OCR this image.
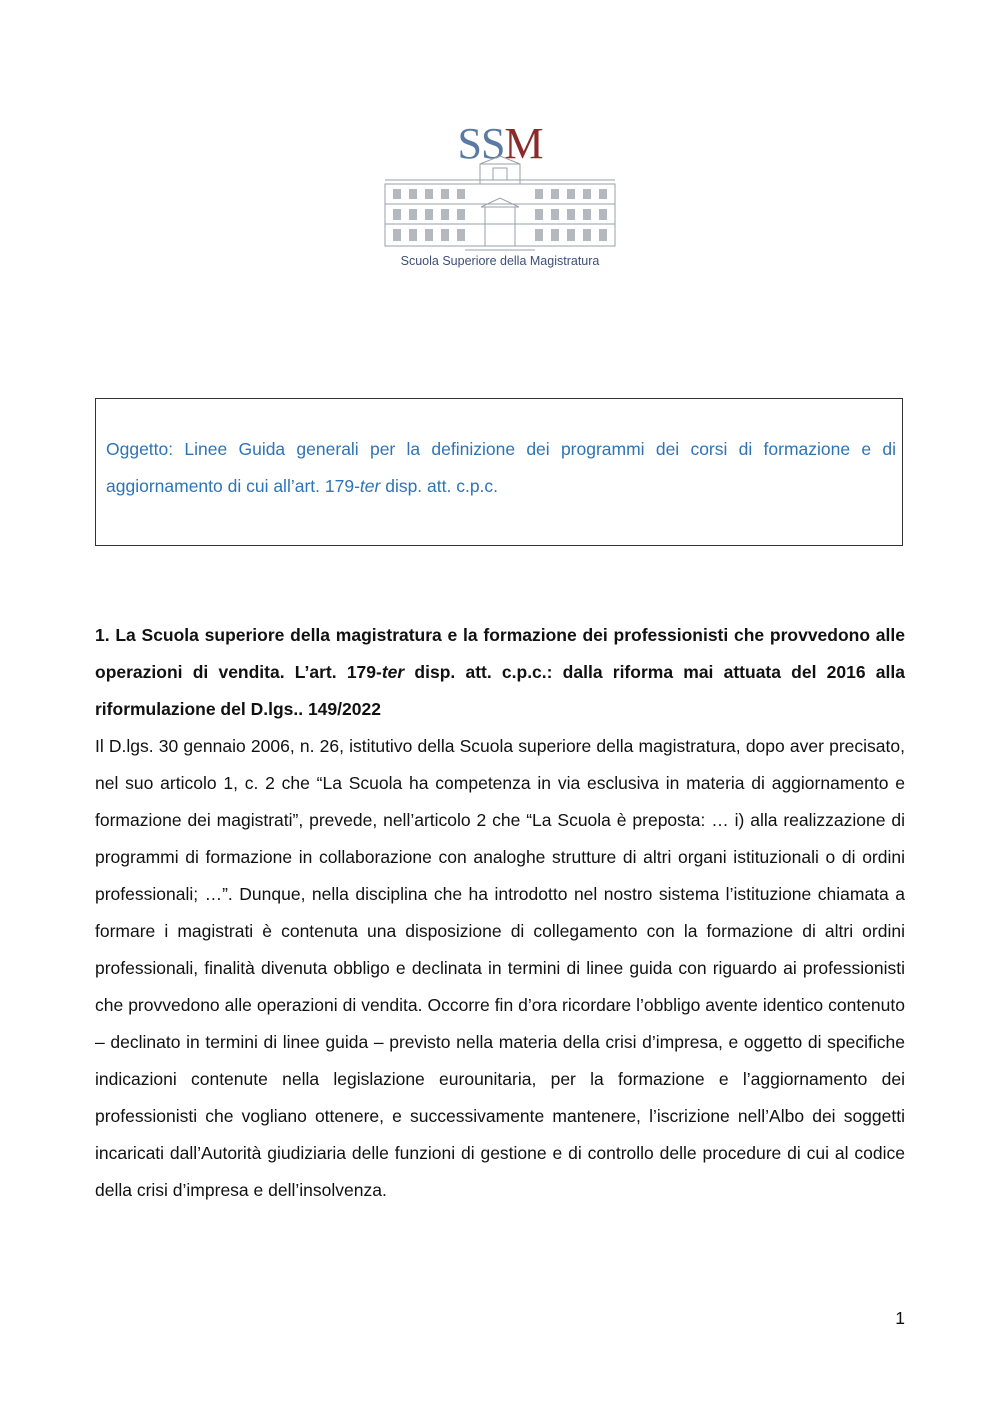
SSM
Scuola Superiore della Magistratura
Oggetto: Linee Guida generali per la definizione dei programmi dei corsi di formazione e di aggiornamento di cui all’art. 179-ter disp. att. c.p.c.

1. La Scuola superiore della magistratura e la formazione dei professionisti che provvedono alle operazioni di vendita. L’art. 179-ter disp. att. c.p.c.: dalla riforma mai attuata del 2016 alla riformulazione del D.lgs.. 149/2022

Il D.lgs. 30 gennaio 2006, n. 26, istitutivo della Scuola superiore della magistratura, dopo aver precisato, nel suo articolo 1, c. 2 che “La Scuola ha competenza in via esclusiva in materia di aggiornamento e formazione dei magistrati”, prevede, nell’articolo 2 che “La Scuola è preposta: … i) alla realizzazione di programmi di formazione in collaborazione con analoghe strutture di altri organi istituzionali o di ordini professionali; …”. Dunque, nella disciplina che ha introdotto nel nostro sistema l’istituzione chiamata a formare i magistrati è contenuta una disposizione di collegamento con la formazione di altri ordini professionali, finalità divenuta obbligo e declinata in termini di linee guida con riguardo ai professionisti che provvedono alle operazioni di vendita. Occorre fin d’ora ricordare l’obbligo avente identico contenuto – declinato in termini di linee guida – previsto nella materia della crisi d’impresa, e oggetto di specifiche indicazioni contenute nella legislazione eurounitaria, per la formazione e l’aggiornamento dei professionisti che vogliano ottenere, e successivamente mantenere, l’iscrizione nell’Albo dei soggetti incaricati dall’Autorità giudiziaria delle funzioni di gestione e di controllo delle procedure di cui al codice della crisi d’impresa e dell’insolvenza.

1
